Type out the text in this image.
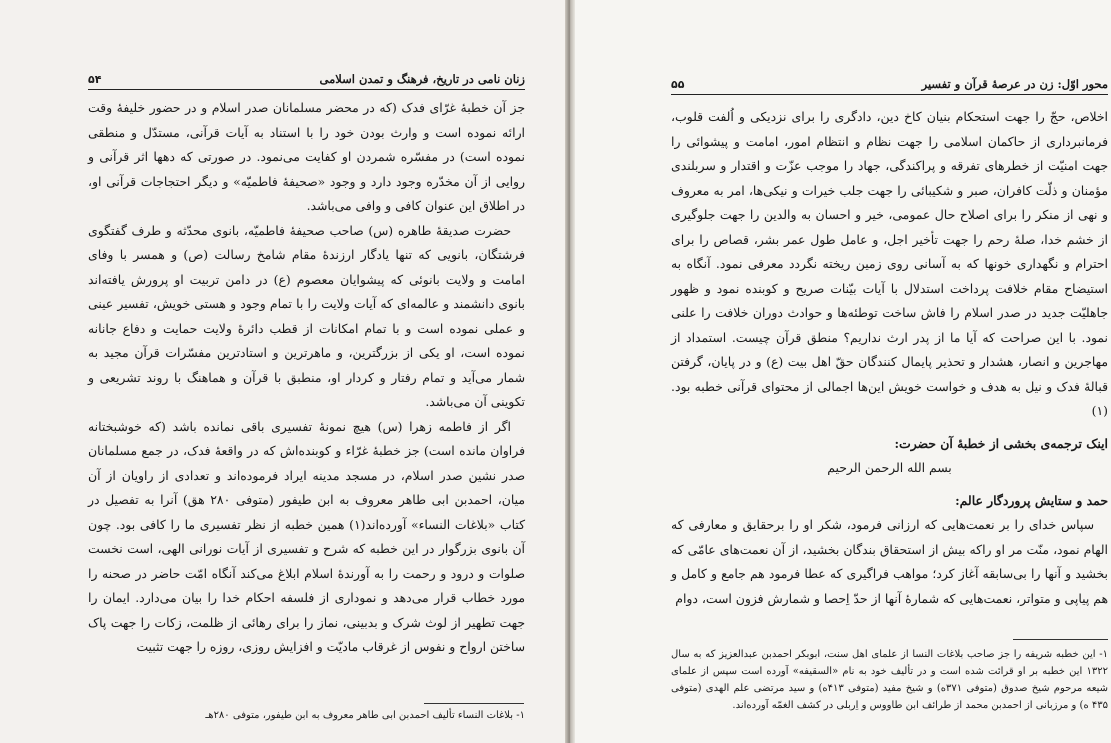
زنان نامی در تاریخ، فرهنگ و تمدن اسلامی
۵۴

جز آن خطبهٔ غرّای فدک (که در محضر مسلمانان صدر اسلام و در حضور خلیفهٔ وقت ارائه نموده است و وارث بودن خود را با استناد به آیات قرآنی، مستدّل و منطقی نموده است) در مفسّره شمردن او کفایت می‌نمود. در صورتی که دهها اثر قرآنی و روایی از آن مخدّره وجود دارد و وجود «صحیفهٔ فاطمیّه» و دیگر احتجاجات قرآنی او، در اطلاق این عنوان کافی و وافی می‌باشد.

حضرت صدیقهٔ طاهره (س) صاحب صحیفهٔ فاطمیّه، بانوی محدّثه و طرف گفتگوی فرشتگان، بانویی که تنها یادگار ارزندهٔ مقام شامخ رسالت (ص) و همسر با وفای امامت و ولایت بانوئی که پیشوایان معصوم (ع) در دامن تربیت او پرورش یافته‌اند بانوی دانشمند و عالمه‌ای که آیات ولایت را با تمام وجود و هستی خویش، تفسیر عینی و عملی نموده است و با تمام امکانات از قطب دائرهٔ ولایت حمایت و دفاع جانانه نموده است، او یکی از بزرگترین، و ماهرترین و استادترین مفسّرات قرآن مجید به شمار می‌آید و تمام رفتار و کردار او، منطبق با قرآن و هماهنگ با روند تشریعی و تکوینی آن می‌باشد.

اگر از فاطمه زهرا (س) هیچ نمونهٔ تفسیری باقی نمانده باشد (که خوشبختانه فراوان مانده است) جز خطبهٔ غرّاء و کوبنده‌اش که در واقعهٔ فدک، در جمع مسلمانان صدر نشین صدر اسلام، در مسجد مدینه ایراد فرموده‌اند و تعدادی از راویان از آن میان، احمدبن ابی طاهر معروف به ابن طیفور (متوفی ۲۸۰ هق) آنرا به تفصیل در کتاب «بلاغات النساء» آورده‌اند(۱) همین خطبه از نظر تفسیری ما را کافی بود. چون آن بانوی بزرگوار در این خطبه که شرح و تفسیری از آیات نورانی الهی، است نخست صلوات و درود و رحمت را به آورندهٔ اسلام ابلاغ می‌کند آنگاه امّت حاضر در صحنه را مورد خطاب قرار می‌دهد و نموداری از فلسفه احکام خدا را بیان می‌دارد. ایمان را جهت تطهیر از لوث شرک و بدبینی، نماز را برای رهائی از ظلمت، زکات را جهت پاک ساختن ارواح و نفوس از غرقاب مادیّت و افزایش روزی، روزه را جهت تثبیت

۱- بلاغات النساء تألیف احمدبن ابی طاهر معروف به ابن طیفور، متوفی ۲۸۰هـ

محور اوّل: زن در عرصهٔ قرآن و تفسیر
۵۵

اخلاص، حجّ را جهت استحکام بنیان کاخ دین، دادگری را برای نزدیکی و اُلفت قلوب، فرمانبرداری از حاکمان اسلامی را جهت نظام و انتظام امور، امامت و پیشوائی را جهت امنیّت از خطرهای تفرقه و پراکندگی، جهاد را موجب عزّت و اقتدار و سربلندی مؤمنان و ذلّت کافران، صبر و شکیبائی را جهت جلب خیرات و نیکی‌ها، امر به معروف و نهی از منکر را برای اصلاح حال عمومی، خیر و احسان به والدین را جهت جلوگیری از خشم خدا، صلهٔ رحم را جهت تأخیر اجل، و عامل طول عمر بشر، قصاص را برای احترام و نگهداری خونها که به آسانی روی زمین ریخته نگردد معرفی نمود. آنگاه به استیضاح مقام خلافت پرداخت استدلال با آیات بیّنات صریح و کوبنده نمود و ظهور جاهلیّت جدید در صدر اسلام را فاش ساخت توطئه‌ها و حوادث دوران خلافت را علنی نمود. با این صراحت که آیا ما از پدر ارث نداریم؟ منطق قرآن چیست. استمداد از مهاجرین و انصار، هشدار و تحذیر پایمال کنندگان حقّ اهل بیت (ع) و در پایان، گرفتن قبالهٔ فدک و نیل به هدف و خواست خویش این‌ها اجمالی از محتوای قرآنی خطبه بود.(۱)

اینک ترجمه‌ی بخشی از خطبهٔ آن حضرت:

بسم الله الرحمن الرحیم

حمد و ستایش پروردگار عالم:

سپاس خدای را بر نعمت‌هایی که ارزانی فرمود، شکر او را برحقایق و معارفی که الهام نمود، منّت مر او راکه بیش از استحقاق بندگان بخشید، از آن نعمت‌های عامّی که بخشید و آنها را بی‌سابقه آغاز کرد؛ مواهب فراگیری که عطا فرمود هم جامع و کامل و هم پیاپی و متواتر، نعمت‌هایی که شمارهٔ آنها از حدّ اِحصا و شمارش فزون است، دوام

۱- این خطبه شریفه را جز صاحب بلاغات النسا از علمای اهل سنت، ابوبکر احمدبن عبدالعزیز که به سال ۱۳۲۲ این خطبه بر او قرائت شده است و در تألیف خود به نام «السقیفه» آورده است سپس از علمای شیعه مرحوم شیخ صدوق (متوفی ۳۷۱ه) و شیخ مفید (متوفی ۴۱۳ه) و سید مرتضی علم الهدی (متوفی ۴۳۵ ه) و مرزبانی از احمدبن محمد از طرائف ابن طاووس و اِربلی در کشف الغمّه آورده‌اند.
